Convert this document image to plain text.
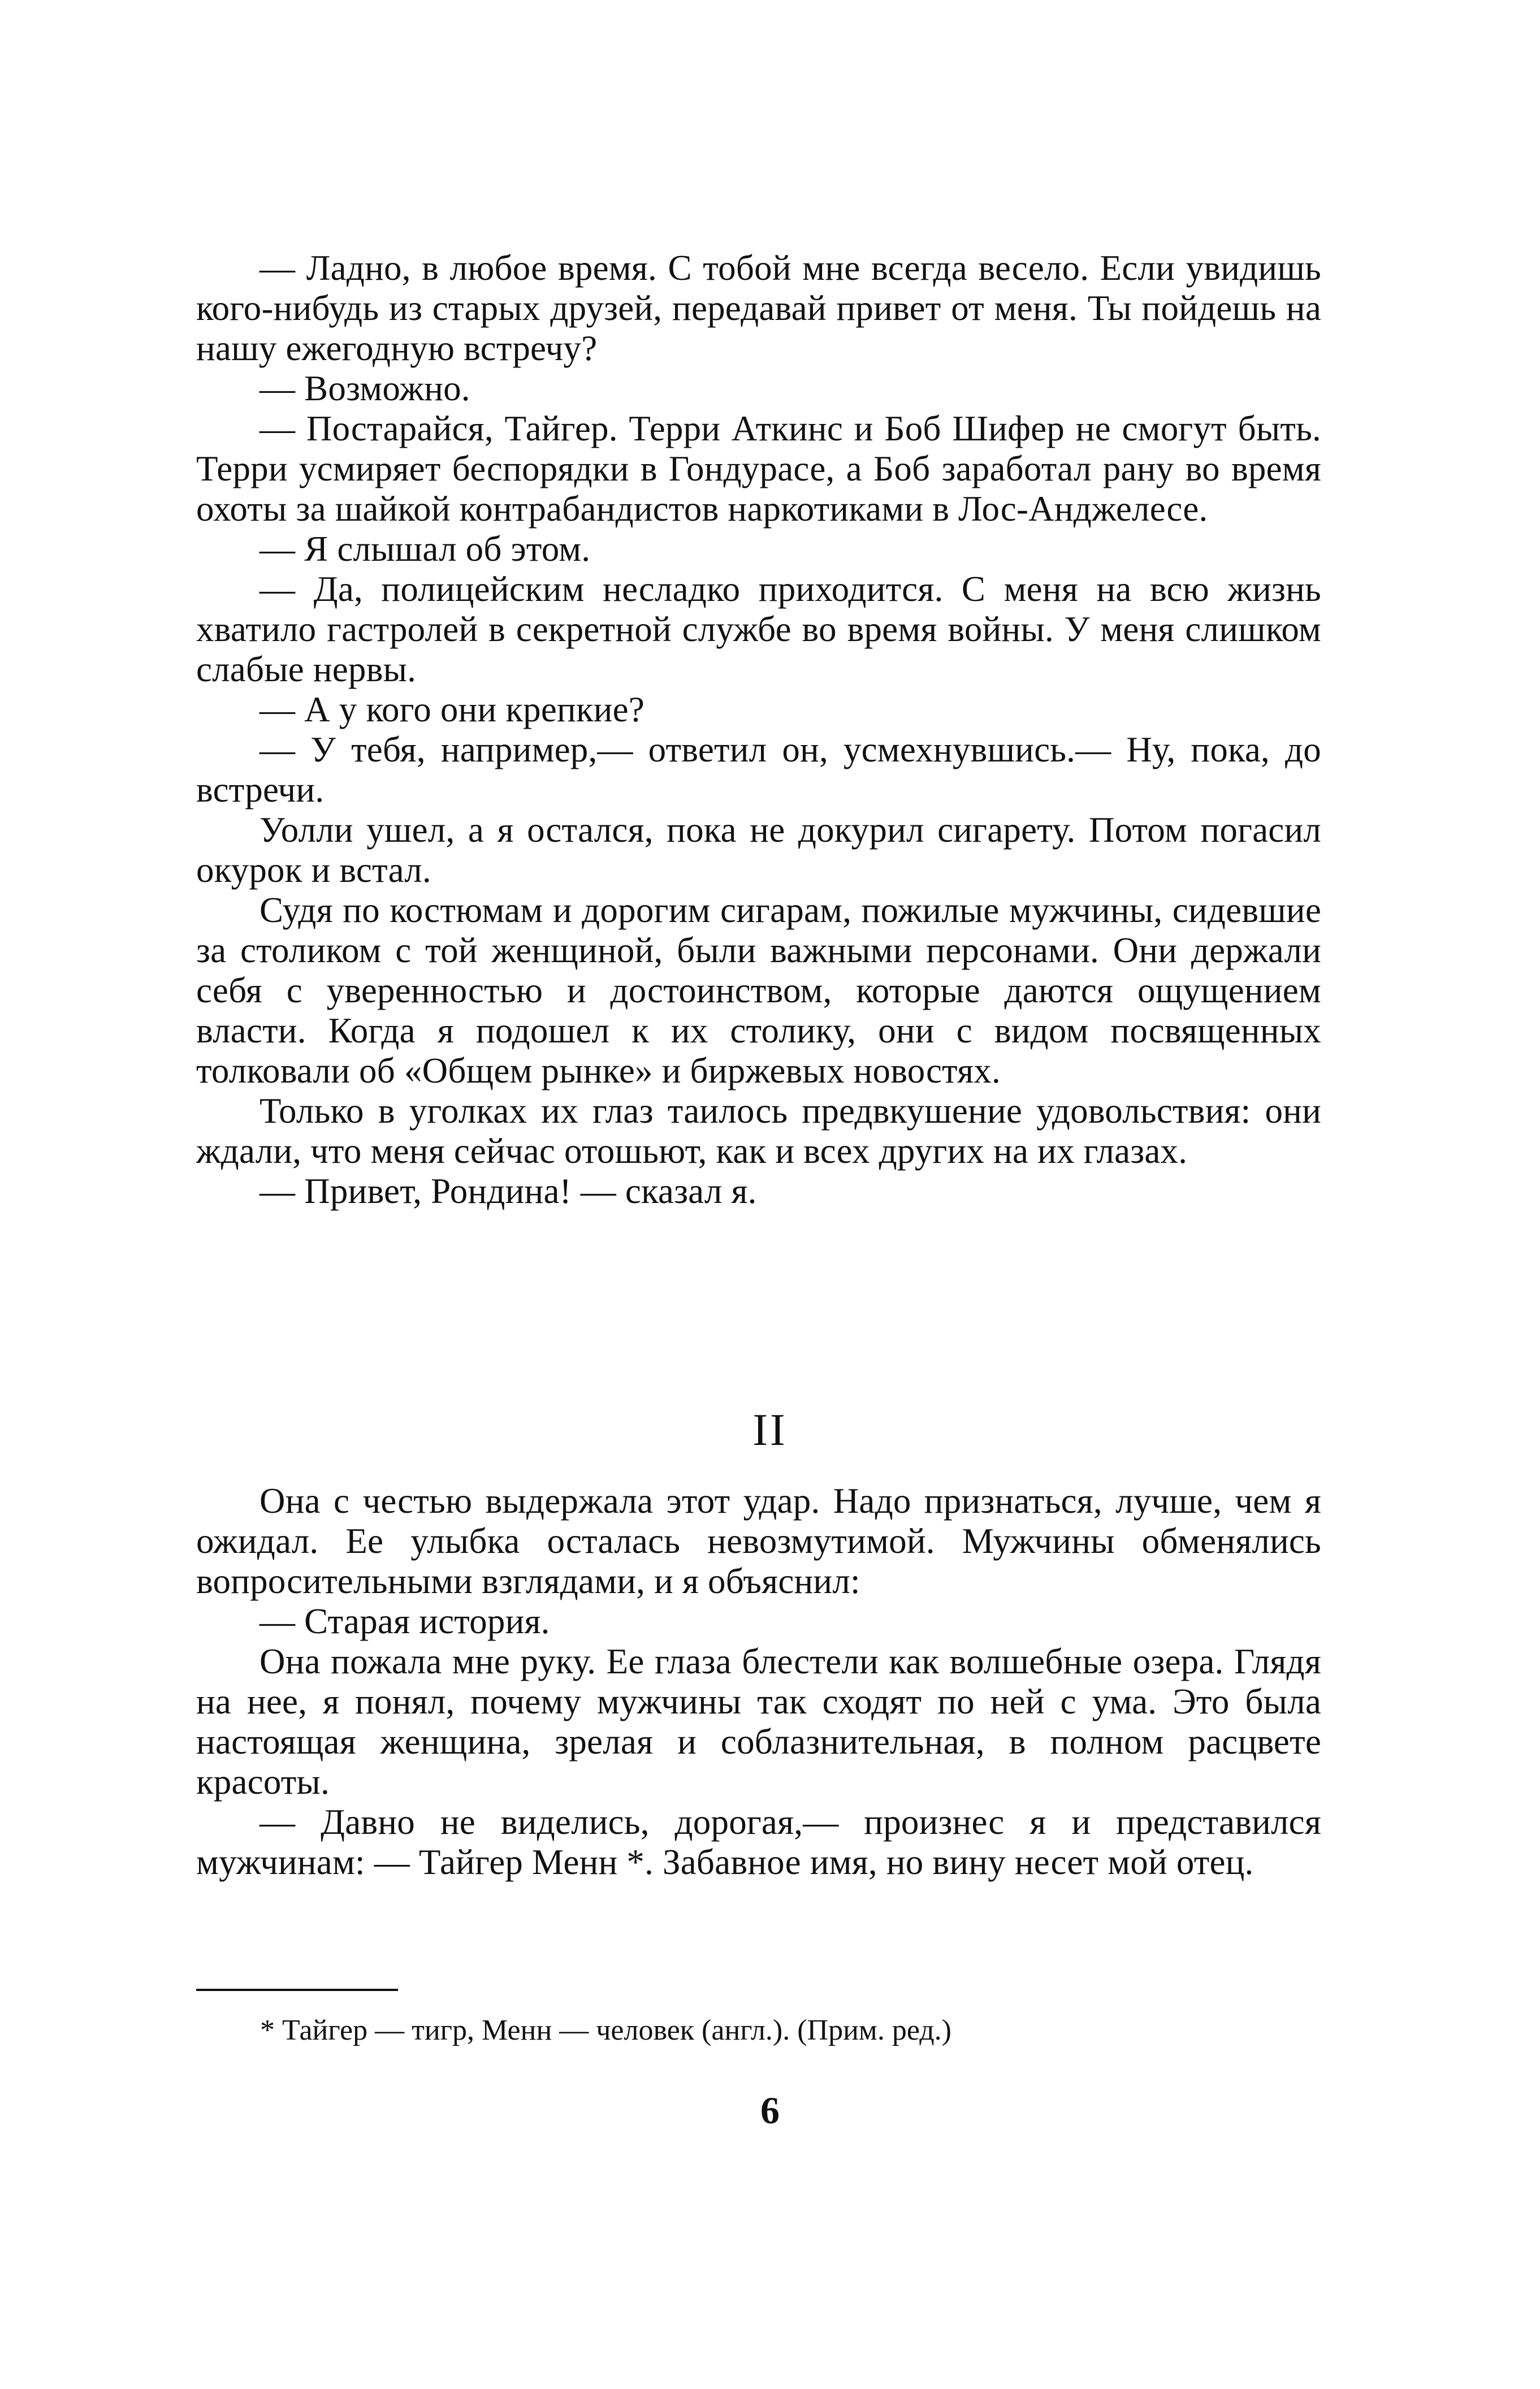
— Ладно, в любое время. С тобой мне всегда весело. Если увидишь кого-нибудь из старых друзей, передавай привет от меня. Ты пойдешь на нашу ежегодную встречу?

— Возможно.

— Постарайся, Тайгер. Терри Аткинс и Боб Шифер не смогут быть. Терри усмиряет беспорядки в Гондурасе, а Боб заработал рану во время охоты за шайкой контрабандистов наркотиками в Лос-Анджелесе.

— Я слышал об этом.

— Да, полицейским несладко приходится. С меня на всю жизнь хватило гастролей в секретной службе во время войны. У меня слишком слабые нервы.

— А у кого они крепкие?

— У тебя, например,— ответил он, усмехнувшись.— Ну, пока, до встречи.

Уолли ушел, а я остался, пока не докурил сигарету. Потом погасил окурок и встал.

Судя по костюмам и дорогим сигарам, пожилые мужчины, сидевшие за столиком с той женщиной, были важными персонами. Они держали себя с уверенностью и достоинством, которые даются ощущением власти. Когда я подошел к их столику, они с видом посвященных толковали об «Общем рынке» и биржевых новостях.

Только в уголках их глаз таилось предвкушение удовольствия: они ждали, что меня сейчас отошьют, как и всех других на их глазах.

— Привет, Рондина! — сказал я.

II

Она с честью выдержала этот удар. Надо признаться, лучше, чем я ожидал. Ее улыбка осталась невозмутимой. Мужчины обменялись вопросительными взглядами, и я объяснил:

— Старая история.

Она пожала мне руку. Ее глаза блестели как волшебные озера. Глядя на нее, я понял, почему мужчины так сходят по ней с ума. Это была настоящая женщина, зрелая и соблазнительная, в полном расцвете красоты.

— Давно не виделись, дорогая,— произнес я и представился мужчинам: — Тайгер Менн *. Забавное имя, но вину несет мой отец.

* Тайгер — тигр, Менн — человек (англ.). (Прим. ред.)

6
